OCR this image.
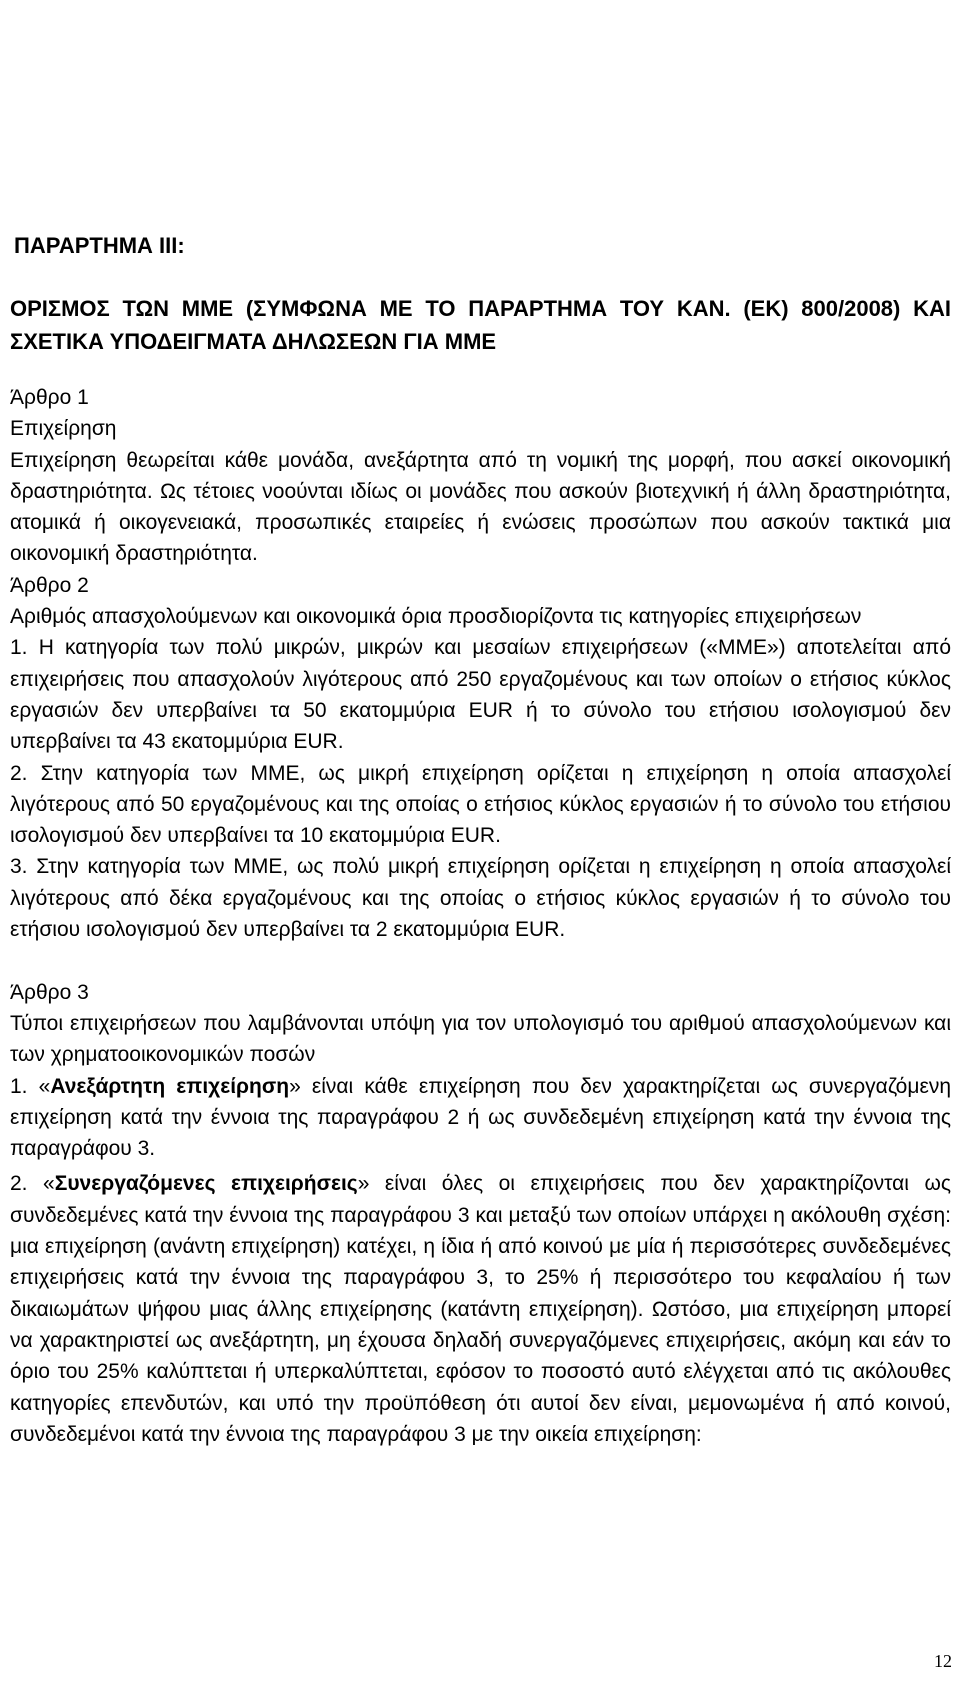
ΠΑΡΑΡΤΗΜΑ ΙΙΙ:
ΟΡΙΣΜΟΣ ΤΩΝ ΜΜΕ (ΣΥΜΦΩΝΑ ΜΕ ΤΟ ΠΑΡΑΡΤΗΜΑ ΤΟΥ ΚΑΝ. (ΕΚ) 800/2008) ΚΑΙ ΣΧΕΤΙΚΑ ΥΠΟΔΕΙΓΜΑΤΑ ΔΗΛΩΣΕΩΝ ΓΙΑ ΜΜΕ

Άρθρο 1

Επιχείρηση

Επιχείρηση θεωρείται κάθε μονάδα, ανεξάρτητα από τη νομική της μορφή, που ασκεί οικονομική δραστηριότητα. Ως τέτοιες νοούνται ιδίως οι μονάδες που ασκούν βιοτεχνική ή άλλη δραστηριότητα, ατομικά ή οικογενειακά, προσωπικές εταιρείες ή ενώσεις προσώπων που ασκούν τακτικά μια οικονομική δραστηριότητα.

Άρθρο 2

Αριθμός απασχολούμενων και οικονομικά όρια προσδιορίζοντα τις κατηγορίες επιχειρήσεων

1. Η κατηγορία των πολύ μικρών, μικρών και μεσαίων επιχειρήσεων («ΜΜΕ») αποτελείται από επιχειρήσεις που απασχολούν λιγότερους από 250 εργαζομένους και των οποίων ο ετήσιος κύκλος εργασιών δεν υπερβαίνει τα 50 εκατομμύρια EUR ή το σύνολο του ετήσιου ισολογισμού δεν υπερβαίνει τα 43 εκατομμύρια EUR.

2. Στην κατηγορία των ΜΜΕ, ως μικρή επιχείρηση ορίζεται η επιχείρηση η οποία απασχολεί λιγότερους από 50 εργαζομένους και της οποίας ο ετήσιος κύκλος εργασιών ή το σύνολο του ετήσιου ισολογισμού δεν υπερβαίνει τα 10 εκατομμύρια EUR.

3. Στην κατηγορία των ΜΜΕ, ως πολύ μικρή επιχείρηση ορίζεται η επιχείρηση η οποία απασχολεί λιγότερους από δέκα εργαζομένους και της οποίας ο ετήσιος κύκλος εργασιών ή το σύνολο του ετήσιου ισολογισμού δεν υπερβαίνει τα 2 εκατομμύρια EUR.

Άρθρο 3

Τύποι επιχειρήσεων που λαμβάνονται υπόψη για τον υπολογισμό του αριθμού απασχολούμενων και των χρηματοοικονομικών ποσών

1. «Ανεξάρτητη επιχείρηση» είναι κάθε επιχείρηση που δεν χαρακτηρίζεται ως συνεργαζόμενη επιχείρηση κατά την έννοια της παραγράφου 2 ή ως συνδεδεμένη επιχείρηση κατά την έννοια της παραγράφου 3.

2. «Συνεργαζόμενες επιχειρήσεις» είναι όλες οι επιχειρήσεις που δεν χαρακτηρίζονται ως συνδεδεμένες κατά την έννοια της παραγράφου 3 και μεταξύ των οποίων υπάρχει η ακόλουθη σχέση: μια επιχείρηση (ανάντη επιχείρηση) κατέχει, η ίδια ή από κοινού με μία ή περισσότερες συνδεδεμένες επιχειρήσεις κατά την έννοια της παραγράφου 3, το 25% ή περισσότερο του κεφαλαίου ή των δικαιωμάτων ψήφου μιας άλλης επιχείρησης (κατάντη επιχείρηση). Ωστόσο, μια επιχείρηση μπορεί να χαρακτηριστεί ως ανεξάρτητη, μη έχουσα δηλαδή συνεργαζόμενες επιχειρήσεις, ακόμη και εάν το όριο του 25% καλύπτεται ή υπερκαλύπτεται, εφόσον το ποσοστό αυτό ελέγχεται από τις ακόλουθες κατηγορίες επενδυτών, και υπό την προϋπόθεση ότι αυτοί δεν είναι, μεμονωμένα ή από κοινού, συνδεδεμένοι κατά την έννοια της παραγράφου 3 με την οικεία επιχείρηση:

12
